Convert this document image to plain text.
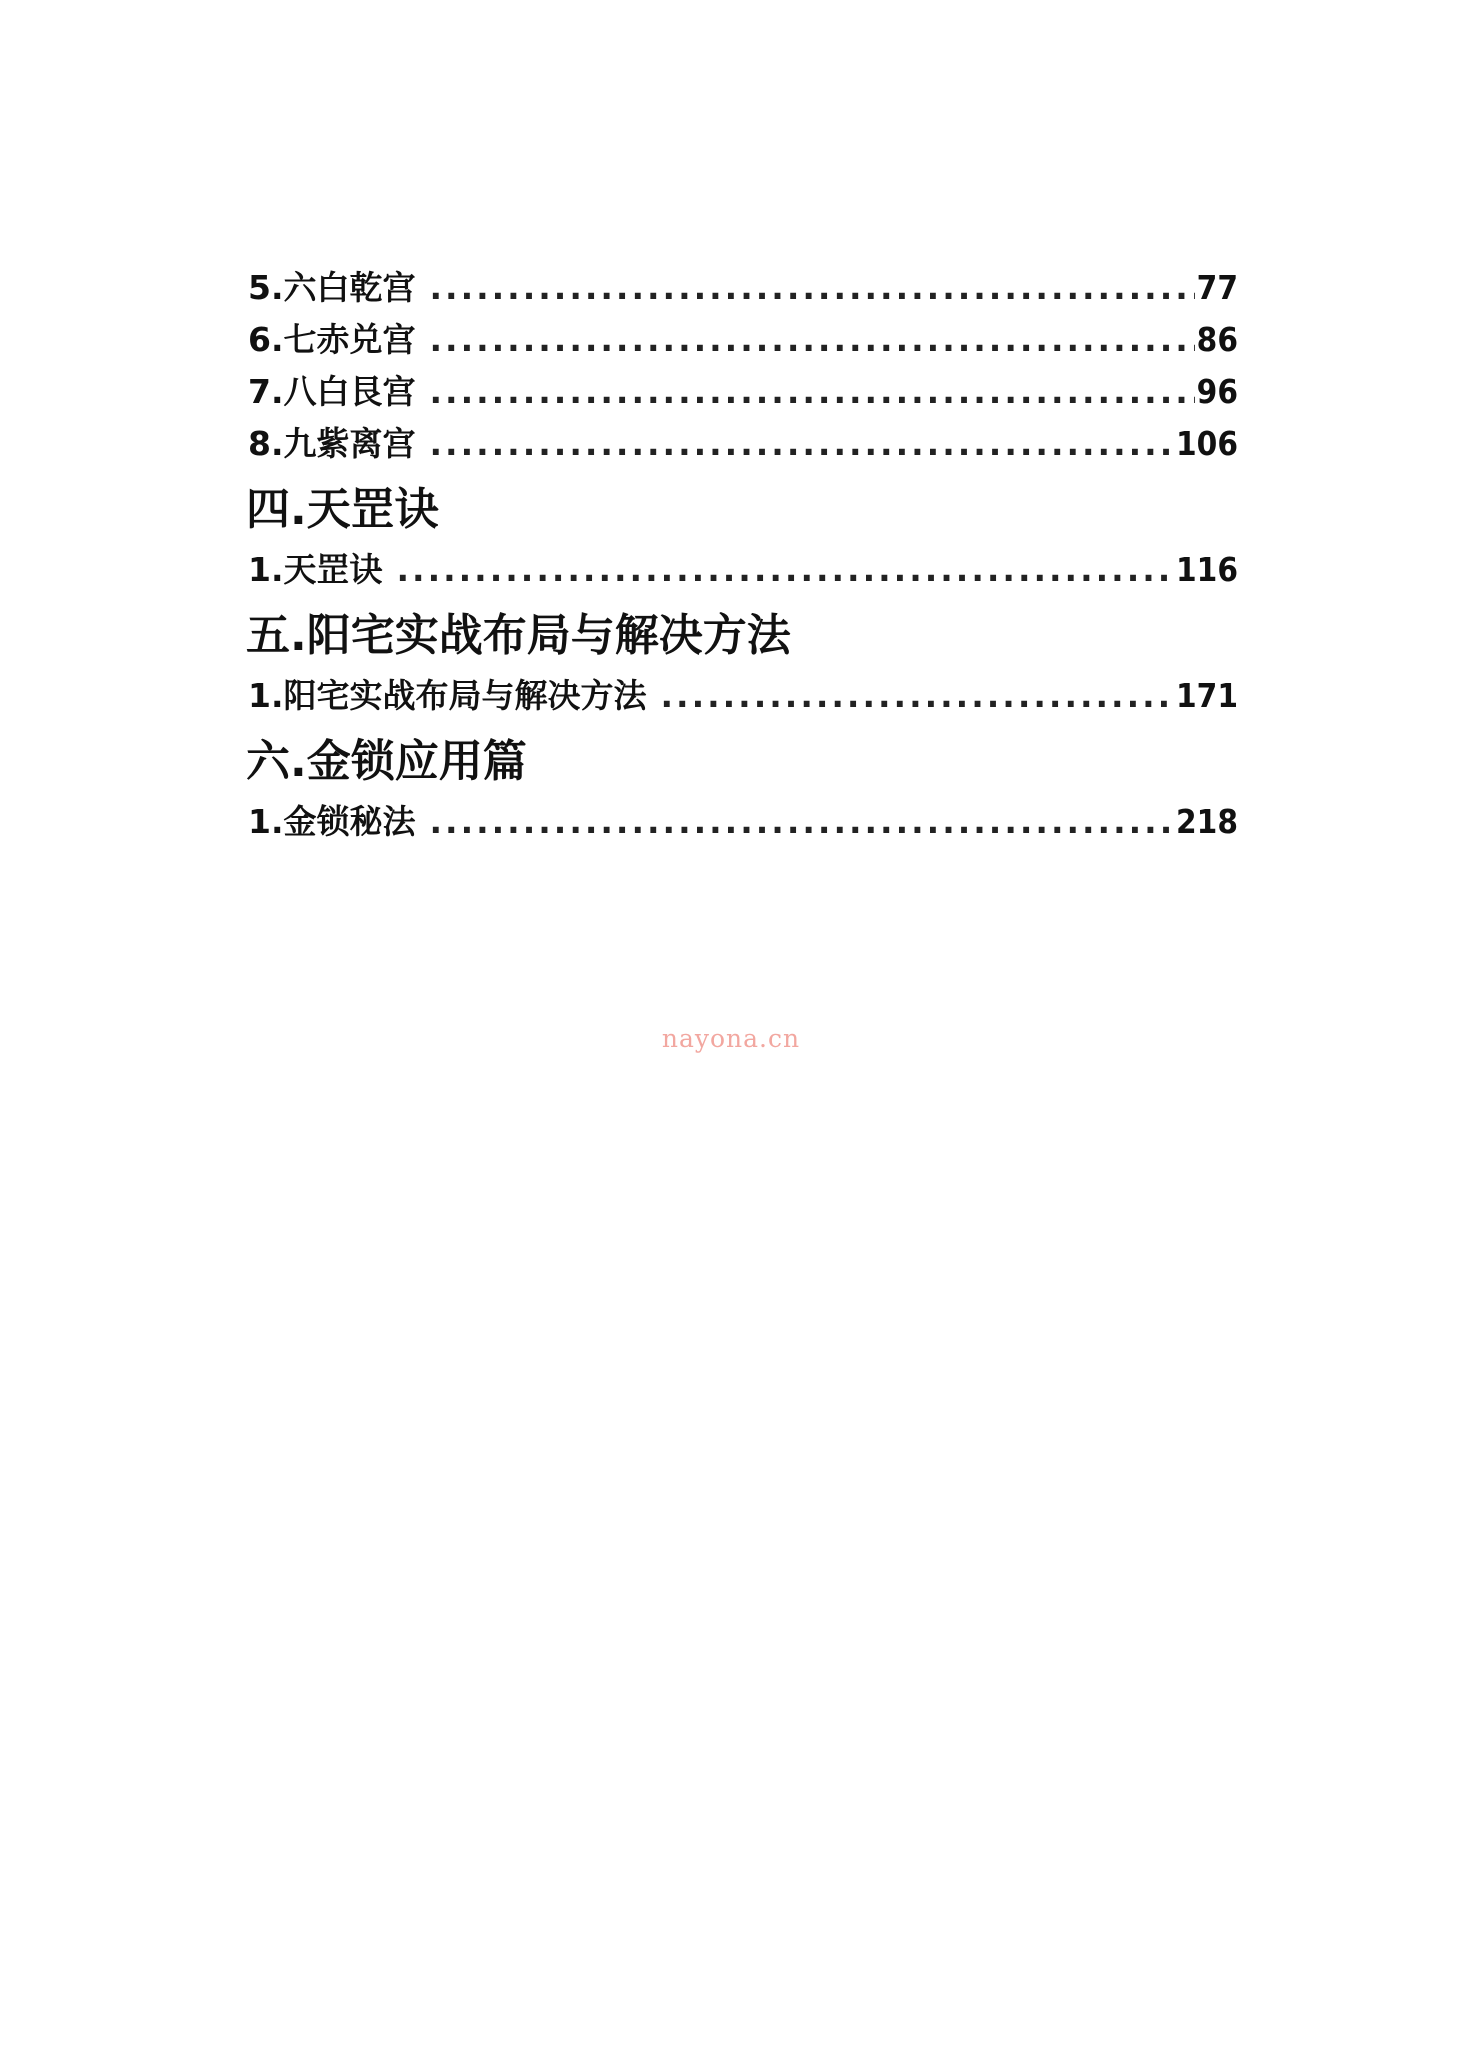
5.六白乾宫 .....	77
6.七赤兑宫 .....	86
7.八白艮宫 .....	96
8.九紫离宫 .....	106
四.天罡诀
1.天罡诀 .....	116
五.阳宅实战布局与解决方法
1.阳宅实战布局与解决方法 .....	171
六.金锁应用篇
1.金锁秘法 .....	218
nayona.cn
